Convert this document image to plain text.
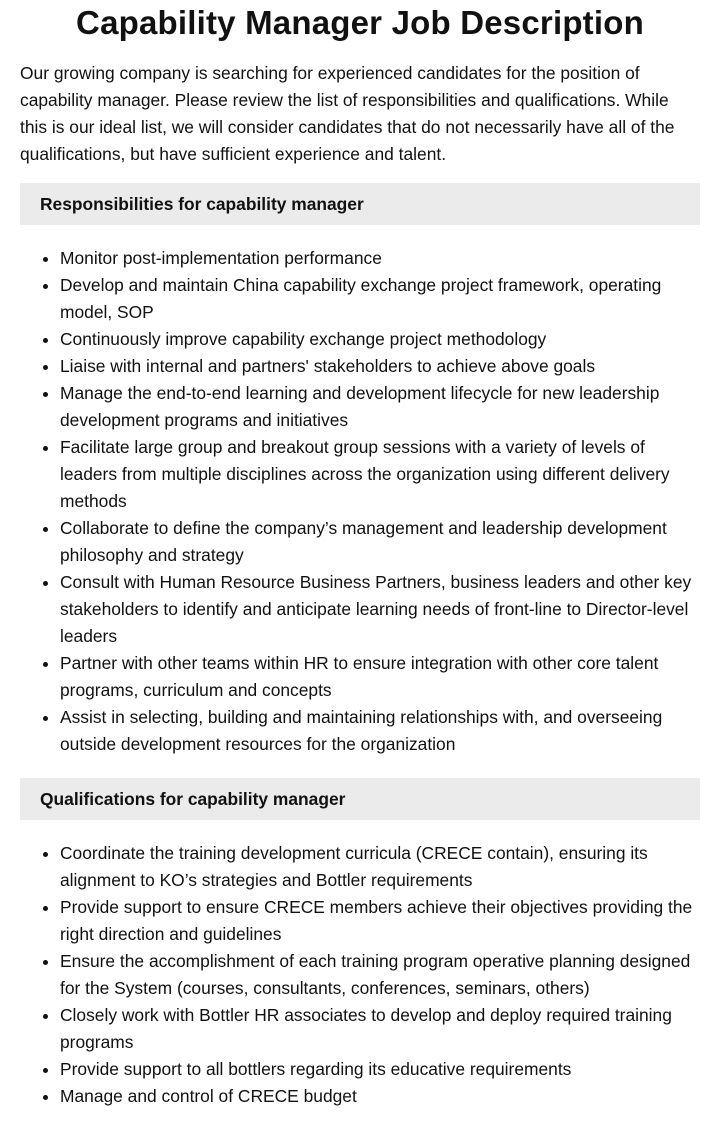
Capability Manager Job Description

Our growing company is searching for experienced candidates for the position of capability manager. Please review the list of responsibilities and qualifications. While this is our ideal list, we will consider candidates that do not necessarily have all of the qualifications, but have sufficient experience and talent.

Responsibilities for capability manager
• Monitor post-implementation performance
• Develop and maintain China capability exchange project framework, operating model, SOP
• Continuously improve capability exchange project methodology
• Liaise with internal and partners' stakeholders to achieve above goals
• Manage the end-to-end learning and development lifecycle for new leadership development programs and initiatives
• Facilitate large group and breakout group sessions with a variety of levels of leaders from multiple disciplines across the organization using different delivery methods
• Collaborate to define the company’s management and leadership development philosophy and strategy
• Consult with Human Resource Business Partners, business leaders and other key stakeholders to identify and anticipate learning needs of front-line to Director-level leaders
• Partner with other teams within HR to ensure integration with other core talent programs, curriculum and concepts
• Assist in selecting, building and maintaining relationships with, and overseeing outside development resources for the organization
Qualifications for capability manager
• Coordinate the training development curricula (CRECE contain), ensuring its alignment to KO’s strategies and Bottler requirements
• Provide support to ensure CRECE members achieve their objectives providing the right direction and guidelines
• Ensure the accomplishment of each training program operative planning designed for the System (courses, consultants, conferences, seminars, others)
• Closely work with Bottler HR associates to develop and deploy required training programs
• Provide support to all bottlers regarding its educative requirements
• Manage and control of CRECE budget
